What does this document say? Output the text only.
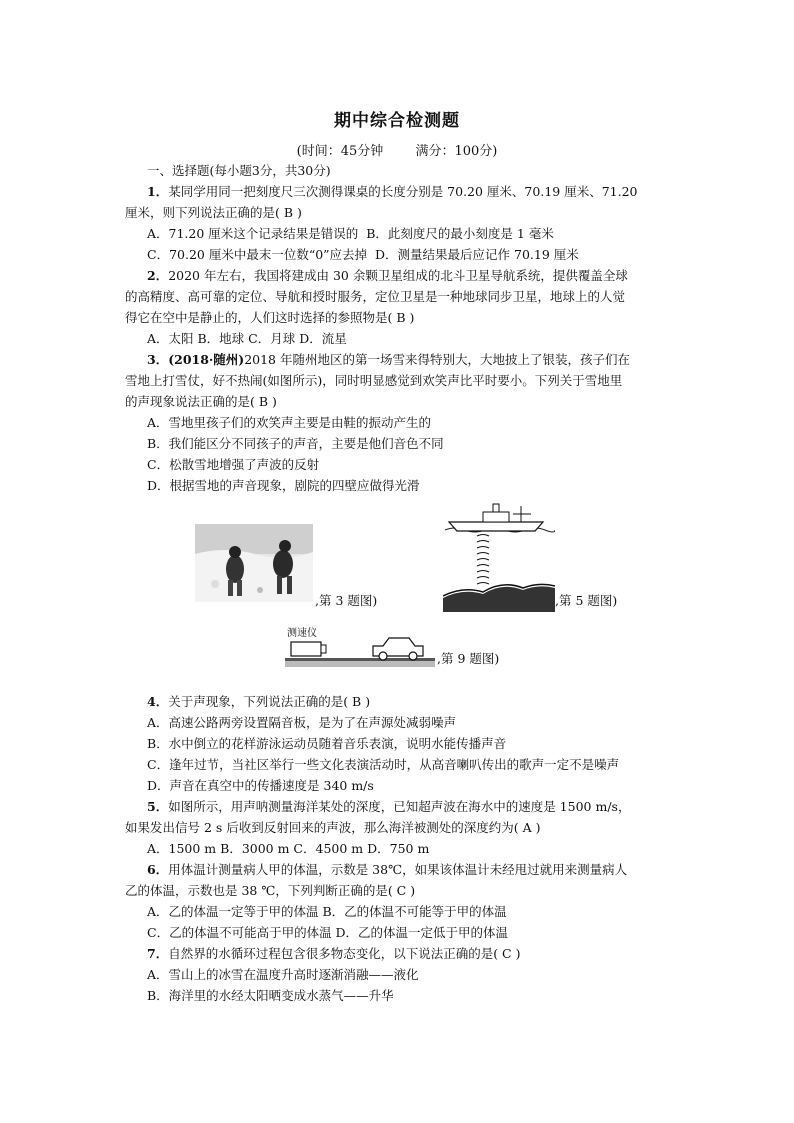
期中综合检测题
(时间：45分钟 满分：100分)
一、选择题(每小题3分，共30分)
1．某同学用同一把刻度尺三次测得课桌的长度分别是 70.20 厘米、70.19 厘米、71.20
厘米，则下列说法正确的是( B )
A．71.20 厘米这个记录结果是错误的 B．此刻度尺的最小刻度是 1 毫米
C．70.20 厘米中最末一位数“0”应去掉 D．测量结果最后应记作 70.19 厘米
2．2020 年左右，我国将建成由 30 余颗卫星组成的北斗卫星导航系统，提供覆盖全球
的高精度、高可靠的定位、导航和授时服务，定位卫星是一种地球同步卫星，地球上的人觉
得它在空中是静止的，人们这时选择的参照物是( B )
A．太阳 B．地球 C．月球 D．流星
3．(2018·随州)2018 年随州地区的第一场雪来得特别大，大地披上了银装，孩子们在
雪地上打雪仗，好不热闹(如图所示)，同时明显感觉到欢笑声比平时要小。下列关于雪地里
的声现象说法正确的是( B )
A．雪地里孩子们的欢笑声主要是由鞋的振动产生的
B．我们能区分不同孩子的声音，主要是他们音色不同
C．松散雪地增强了声波的反射
D．根据雪地的声音现象，剧院的四壁应做得光滑
,第 3 题图)	,第 5 题图)
测速仪
,第 9 题图)
4．关于声现象，下列说法正确的是( B )
A．高速公路两旁设置隔音板，是为了在声源处减弱噪声
B．水中倒立的花样游泳运动员随着音乐表演，说明水能传播声音
C．逢年过节，当社区举行一些文化表演活动时，从高音喇叭传出的歌声一定不是噪声
D．声音在真空中的传播速度是 340 m/s
5．如图所示，用声呐测量海洋某处的深度，已知超声波在海水中的速度是 1500 m/s，
如果发出信号 2 s 后收到反射回来的声波，那么海洋被测处的深度约为( A )
A．1500 m B．3000 m C．4500 m D．750 m
6．用体温计测量病人甲的体温，示数是 38℃，如果该体温计未经甩过就用来测量病人
乙的体温，示数也是 38 ℃，下列判断正确的是( C )
A．乙的体温一定等于甲的体温 B．乙的体温不可能等于甲的体温
C．乙的体温不可能高于甲的体温 D．乙的体温一定低于甲的体温
7．自然界的水循环过程包含很多物态变化，以下说法正确的是( C )
A．雪山上的冰雪在温度升高时逐渐消融——液化
B．海洋里的水经太阳晒变成水蒸气——升华
